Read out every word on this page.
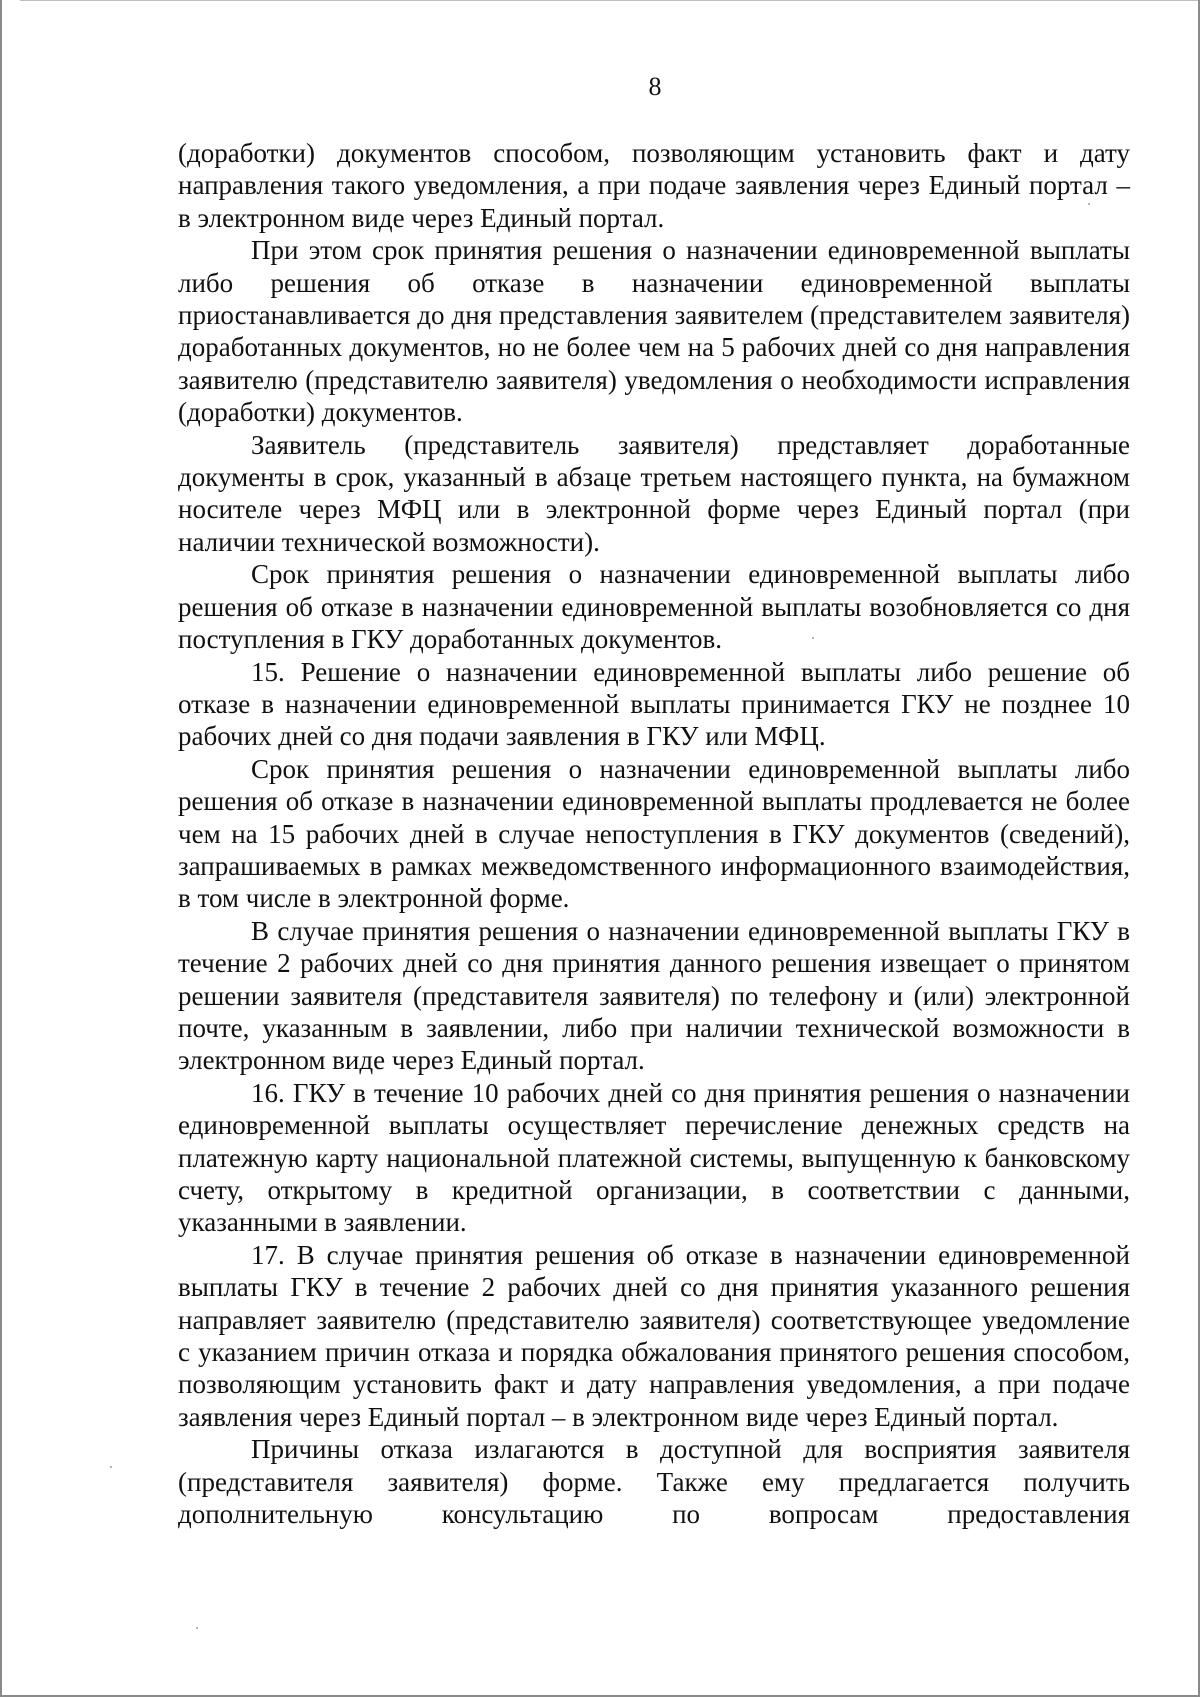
8

(доработки) документов способом, позволяющим установить факт и дату направления такого уведомления, а при подаче заявления через Единый портал – в электронном виде через Единый портал.

При этом срок принятия решения о назначении единовременной выплаты либо решения об отказе в назначении единовременной выплаты приостанавливается до дня представления заявителем (представителем заявителя) доработанных документов, но не более чем на 5 рабочих дней со дня направления заявителю (представителю заявителя) уведомления о необходимости исправления (доработки) документов.

Заявитель (представитель заявителя) представляет доработанные документы в срок, указанный в абзаце третьем настоящего пункта, на бумажном носителе через МФЦ или в электронной форме через Единый портал (при наличии технической возможности).

Срок принятия решения о назначении единовременной выплаты либо решения об отказе в назначении единовременной выплаты возобновляется со дня поступления в ГКУ доработанных документов.

15. Решение о назначении единовременной выплаты либо решение об отказе в назначении единовременной выплаты принимается ГКУ не позднее 10 рабочих дней со дня подачи заявления в ГКУ или МФЦ.

Срок принятия решения о назначении единовременной выплаты либо решения об отказе в назначении единовременной выплаты продлевается не более чем на 15 рабочих дней в случае непоступления в ГКУ документов (сведений), запрашиваемых в рамках межведомственного информационного взаимодействия, в том числе в электронной форме.

В случае принятия решения о назначении единовременной выплаты ГКУ в течение 2 рабочих дней со дня принятия данного решения извещает о принятом решении заявителя (представителя заявителя) по телефону и (или) электронной почте, указанным в заявлении, либо при наличии технической возможности в электронном виде через Единый портал.

16. ГКУ в течение 10 рабочих дней со дня принятия решения о назначении единовременной выплаты осуществляет перечисление денежных средств на платежную карту национальной платежной системы, выпущенную к банковскому счету, открытому в кредитной организации, в соответствии с данными, указанными в заявлении.

17. В случае принятия решения об отказе в назначении единовременной выплаты ГКУ в течение 2 рабочих дней со дня принятия указанного решения направляет заявителю (представителю заявителя) соответствующее уведомление с указанием причин отказа и порядка обжалования принятого решения способом, позволяющим установить факт и дату направления уведомления, а при подаче заявления через Единый портал – в электронном виде через Единый портал.

Причины отказа излагаются в доступной для восприятия заявителя (представителя заявителя) форме. Также ему предлагается получить дополнительную консультацию по вопросам предоставления
